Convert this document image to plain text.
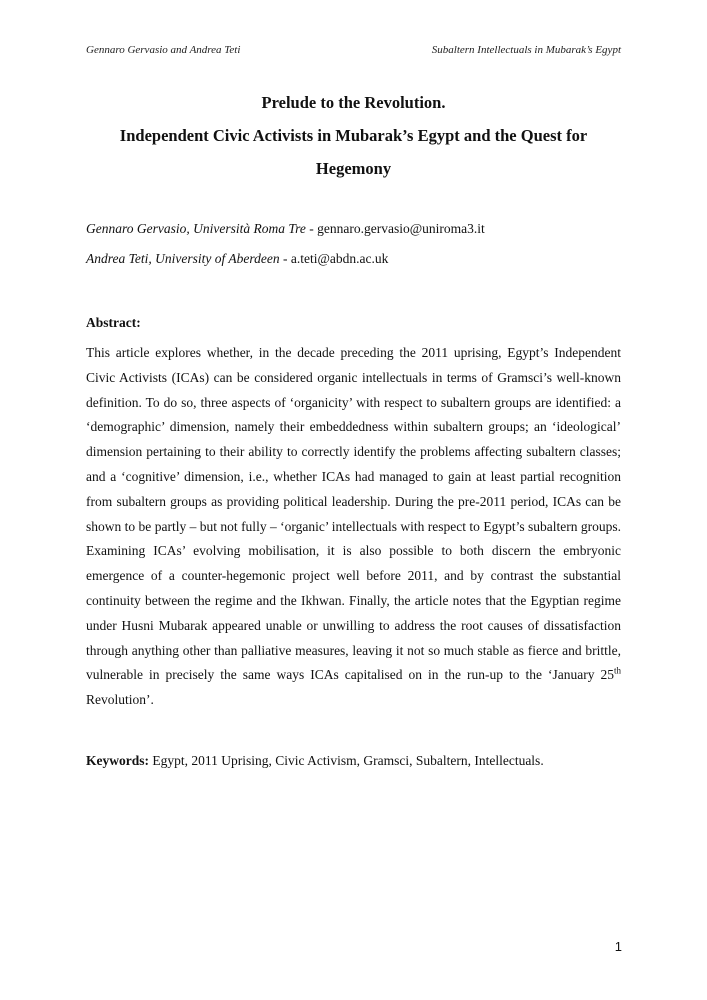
Gennaro Gervasio and Andrea Teti	Subaltern Intellectuals in Mubarak’s Egypt
Prelude to the Revolution.
Independent Civic Activists in Mubarak’s Egypt and the Quest for Hegemony
Gennaro Gervasio, Università Roma Tre - gennaro.gervasio@uniroma3.it
Andrea Teti, University of Aberdeen - a.teti@abdn.ac.uk
Abstract:

This article explores whether, in the decade preceding the 2011 uprising, Egypt’s Independent Civic Activists (ICAs) can be considered organic intellectuals in terms of Gramsci’s well-known definition. To do so, three aspects of ‘organicity’ with respect to subaltern groups are identified: a ‘demographic’ dimension, namely their embeddedness within subaltern groups; an ‘ideological’ dimension pertaining to their ability to correctly identify the problems affecting subaltern classes; and a ‘cognitive’ dimension, i.e., whether ICAs had managed to gain at least partial recognition from subaltern groups as providing political leadership. During the pre-2011 period, ICAs can be shown to be partly – but not fully – ‘organic’ intellectuals with respect to Egypt’s subaltern groups. Examining ICAs’ evolving mobilisation, it is also possible to both discern the embryonic emergence of a counter-hegemonic project well before 2011, and by contrast the substantial continuity between the regime and the Ikhwan. Finally, the article notes that the Egyptian regime under Husni Mubarak appeared unable or unwilling to address the root causes of dissatisfaction through anything other than palliative measures, leaving it not so much stable as fierce and brittle, vulnerable in precisely the same ways ICAs capitalised on in the run-up to the ‘January 25th Revolution’.

Keywords: Egypt, 2011 Uprising, Civic Activism, Gramsci, Subaltern, Intellectuals.
1
